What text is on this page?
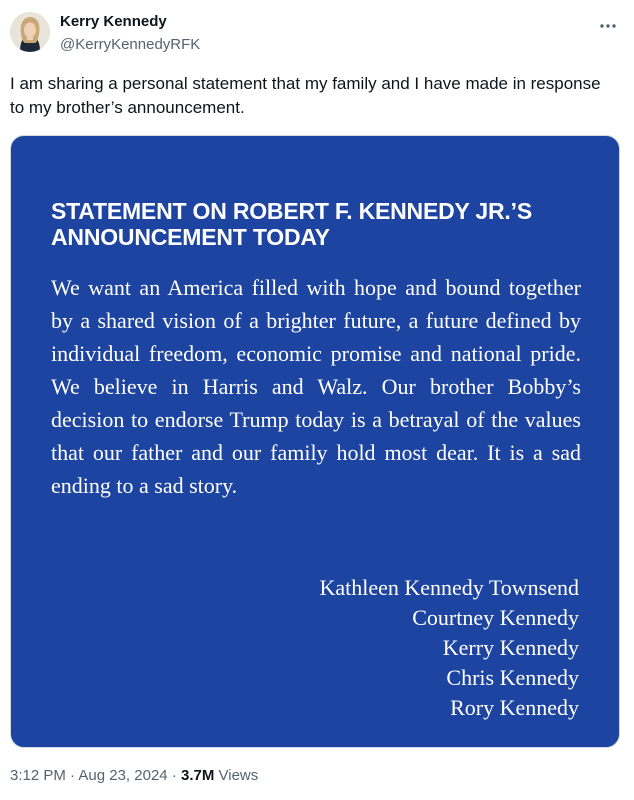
Kerry Kennedy
@KerryKennedyRFK
I am sharing a personal statement that my family and I have made in response to my brother’s announcement.
STATEMENT ON ROBERT F. KENNEDY JR.’S ANNOUNCEMENT TODAY
We want an America filled with hope and bound together by a shared vision of a brighter future, a future defined by individual freedom, economic promise and national pride. We believe in Harris and Walz. Our brother Bobby’s decision to endorse Trump today is a betrayal of the values that our father and our family hold most dear. It is a sad ending to a sad story.
Kathleen Kennedy Townsend
Courtney Kennedy
Kerry Kennedy
Chris Kennedy
Rory Kennedy
3:12 PM · Aug 23, 2024 · 3.7M Views
